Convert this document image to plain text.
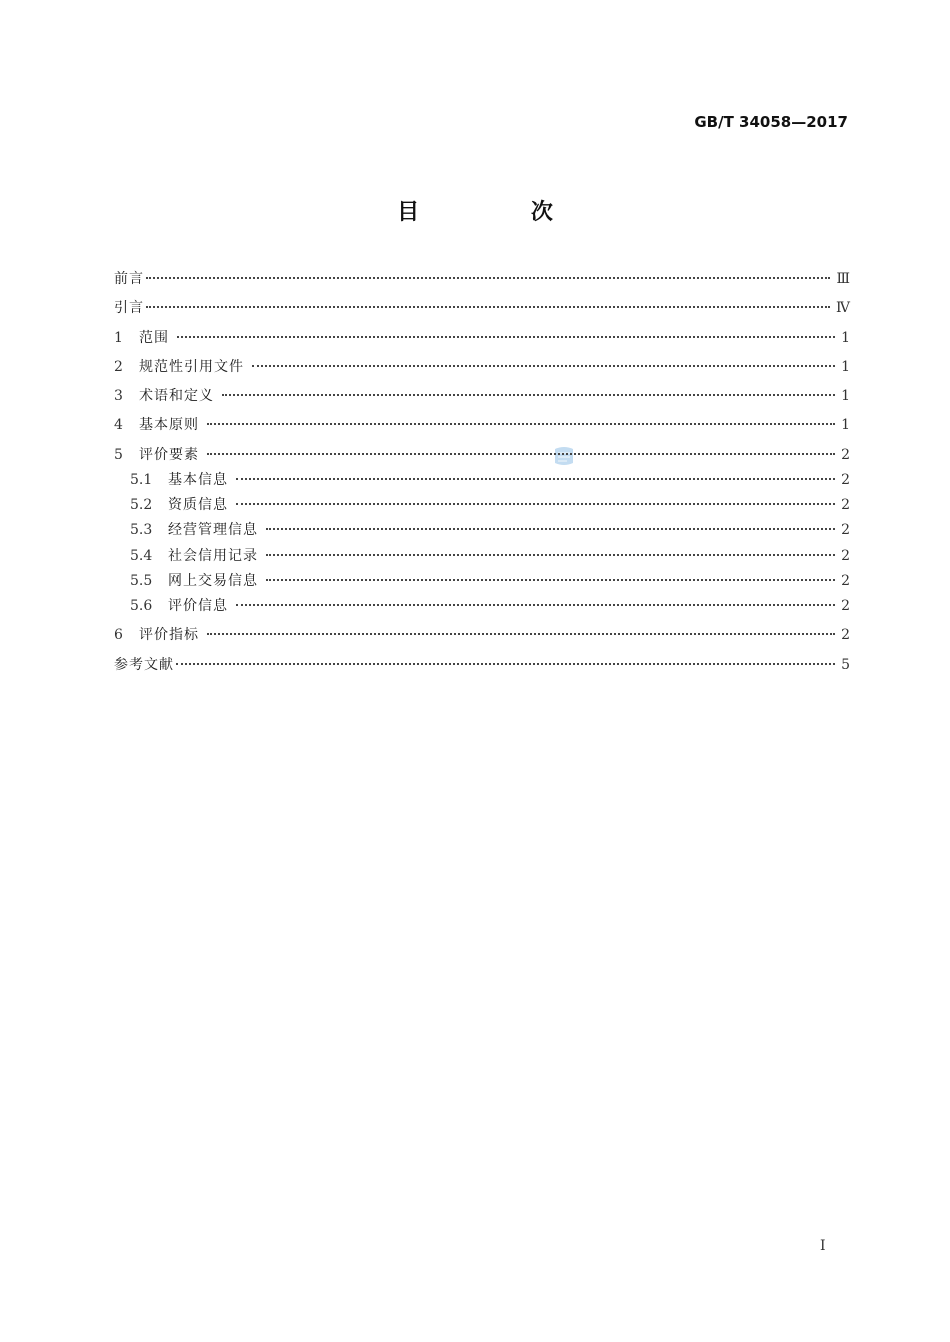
GB/T 34058—2017
目 次
前言	Ⅲ
引言	Ⅳ
1	范围	1
2	规范性引用文件	1
3	术语和定义	1
4	基本原则	1
5	评价要素	2
5.1	基本信息	2
5.2	资质信息	2
5.3	经营管理信息	2
5.4	社会信用记录	2
5.5	网上交易信息	2
5.6	评价信息	2
6	评价指标	2
参考文献	5
Ⅰ
